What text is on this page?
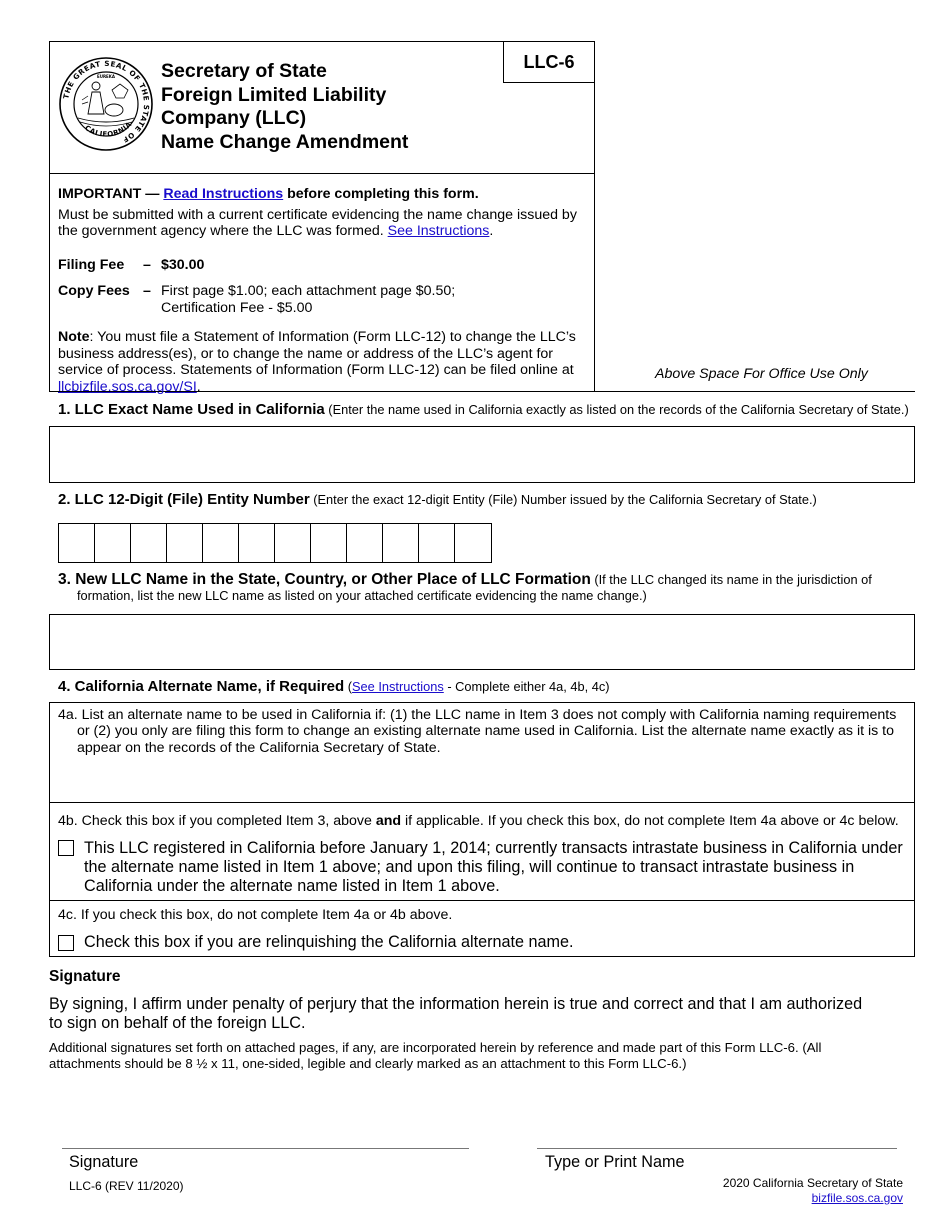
THE GREAT SEAL OF THE STATE OF
CALIFORNIA
EUREKA Secretary of State
Foreign Limited Liability
Company (LLC)
Name Change Amendment
LLC-6
IMPORTANT — Read Instructions before completing this form.
Must be submitted with a current certificate evidencing the name change issued by the government agency where the LLC was formed. See Instructions.
Filing Fee	– $30.00
Copy Fees – First page $1.00; each attachment page $0.50;
Certification Fee - $5.00
Note: You must file a Statement of Information (Form LLC-12) to change the LLC’s business address(es), or to change the name or address of the LLC’s agent for service of process. Statements of Information (Form LLC-12) can be filed online at llcbizfile.sos.ca.gov/SI.
Above Space For Office Use Only
1. LLC Exact Name Used in California (Enter the name used in California exactly as listed on the records of the California Secretary of State.)
2. LLC 12-Digit (File) Entity Number (Enter the exact 12-digit Entity (File) Number issued by the California Secretary of State.)
3. New LLC Name in the State, Country, or Other Place of LLC Formation (If the LLC changed its name in the jurisdiction of
formation, list the new LLC name as listed on your attached certificate evidencing the name change.)
4. California Alternate Name, if Required (See Instructions - Complete either 4a, 4b, 4c)
4a. List an alternate name to be used in California if: (1) the LLC name in Item 3 does not comply with California naming requirements or (2) you only are filing this form to change an existing alternate name used in California. List the alternate name exactly as it is to appear on the records of the California Secretary of State.
4b. Check this box if you completed Item 3, above and if applicable. If you check this box, do not complete Item 4a above or 4c below.
This LLC registered in California before January 1, 2014; currently transacts intrastate business in California under the alternate name listed in Item 1 above; and upon this filing, will continue to transact intrastate business in California under the alternate name listed in Item 1 above.
4c. If you check this box, do not complete Item 4a or 4b above.
Check this box if you are relinquishing the California alternate name.
Signature
By signing, I affirm under penalty of perjury that the information herein is true and correct and that I am authorized to sign on behalf of the foreign LLC.
Additional signatures set forth on attached pages, if any, are incorporated herein by reference and made part of this Form LLC-6. (All attachments should be 8 ½ x 11, one-sided, legible and clearly marked as an attachment to this Form LLC-6.)
Signature	Type or Print Name
LLC-6 (REV 11/2020)	2020 California Secretary of State
bizfile.sos.ca.gov
